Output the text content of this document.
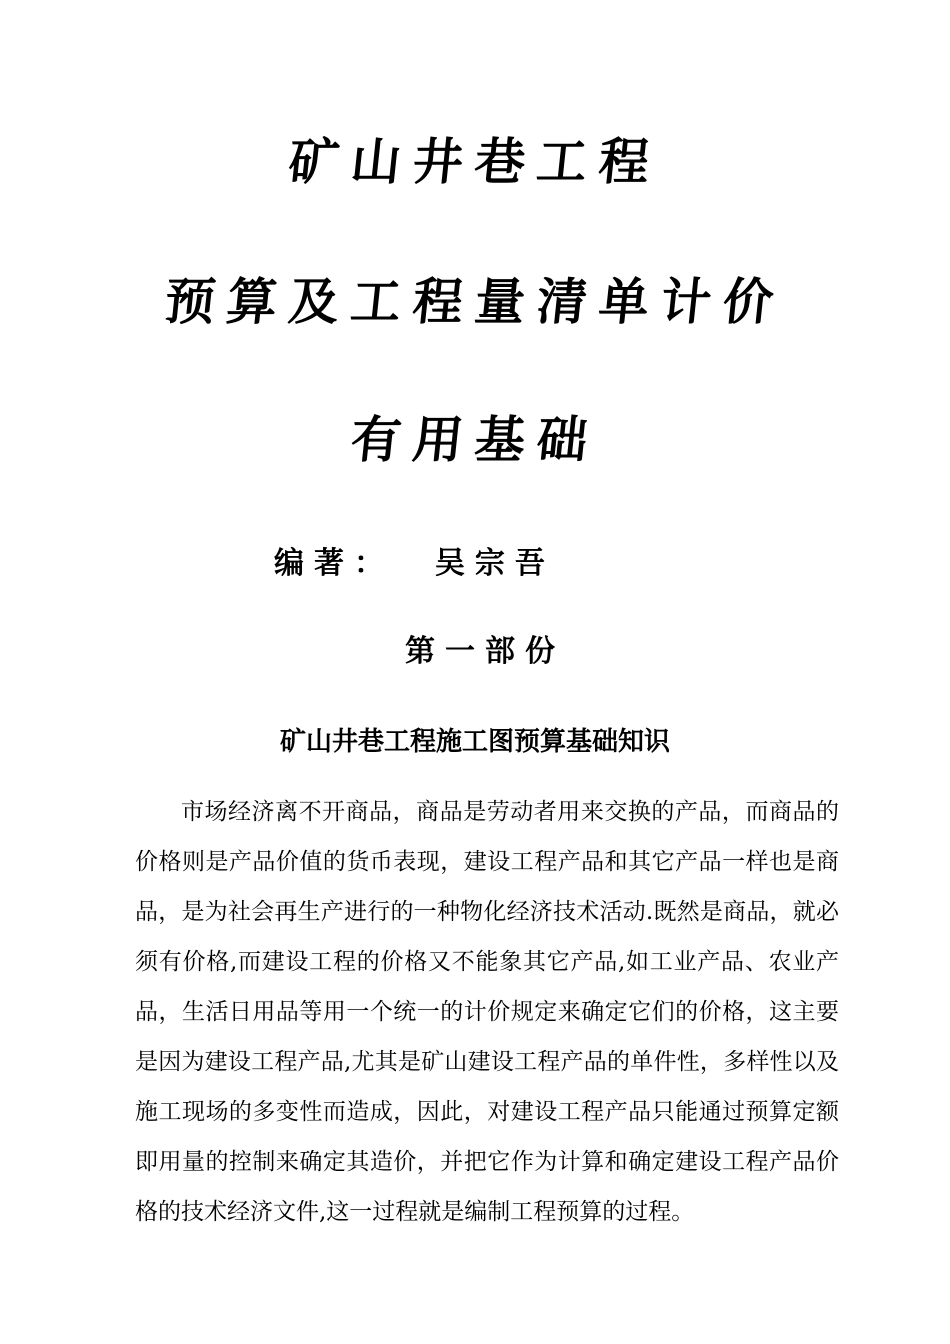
矿山井巷工程
预算及工程量清单计价
有用基础
编著：  吴宗吾
第一部份
矿山井巷工程施工图预算基础知识

市场经济离不开商品，商品是劳动者用来交换的产品，而商品的价格则是产品价值的货币表现，建设工程产品和其它产品一样也是商品，是为社会再生产进行的一种物化经济技术活动.既然是商品，就必须有价格,而建设工程的价格又不能象其它产品,如工业产品、农业产品，生活日用品等用一个统一的计价规定来确定它们的价格，这主要是因为建设工程产品,尤其是矿山建设工程产品的单件性，多样性以及施工现场的多变性而造成，因此，对建设工程产品只能通过预算定额即用量的控制来确定其造价，并把它作为计算和确定建设工程产品价格的技术经济文件,这一过程就是编制工程预算的过程。
